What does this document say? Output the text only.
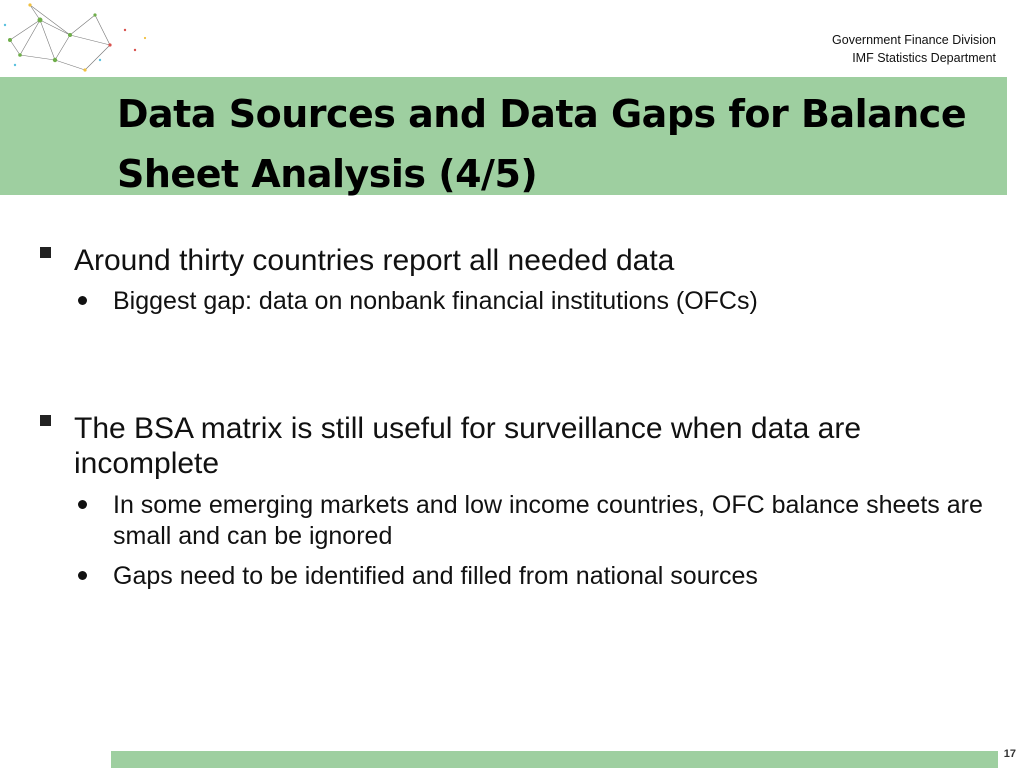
Government Finance Division
IMF Statistics Department
Data Sources and Data Gaps for Balance Sheet Analysis (4/5)
Around thirty countries report all needed data
Biggest gap: data on nonbank financial institutions (OFCs)
The BSA matrix is still useful for surveillance when data are incomplete
In some emerging markets and low income countries, OFC balance sheets are small and can be ignored
Gaps need to be identified and filled from national sources
17
